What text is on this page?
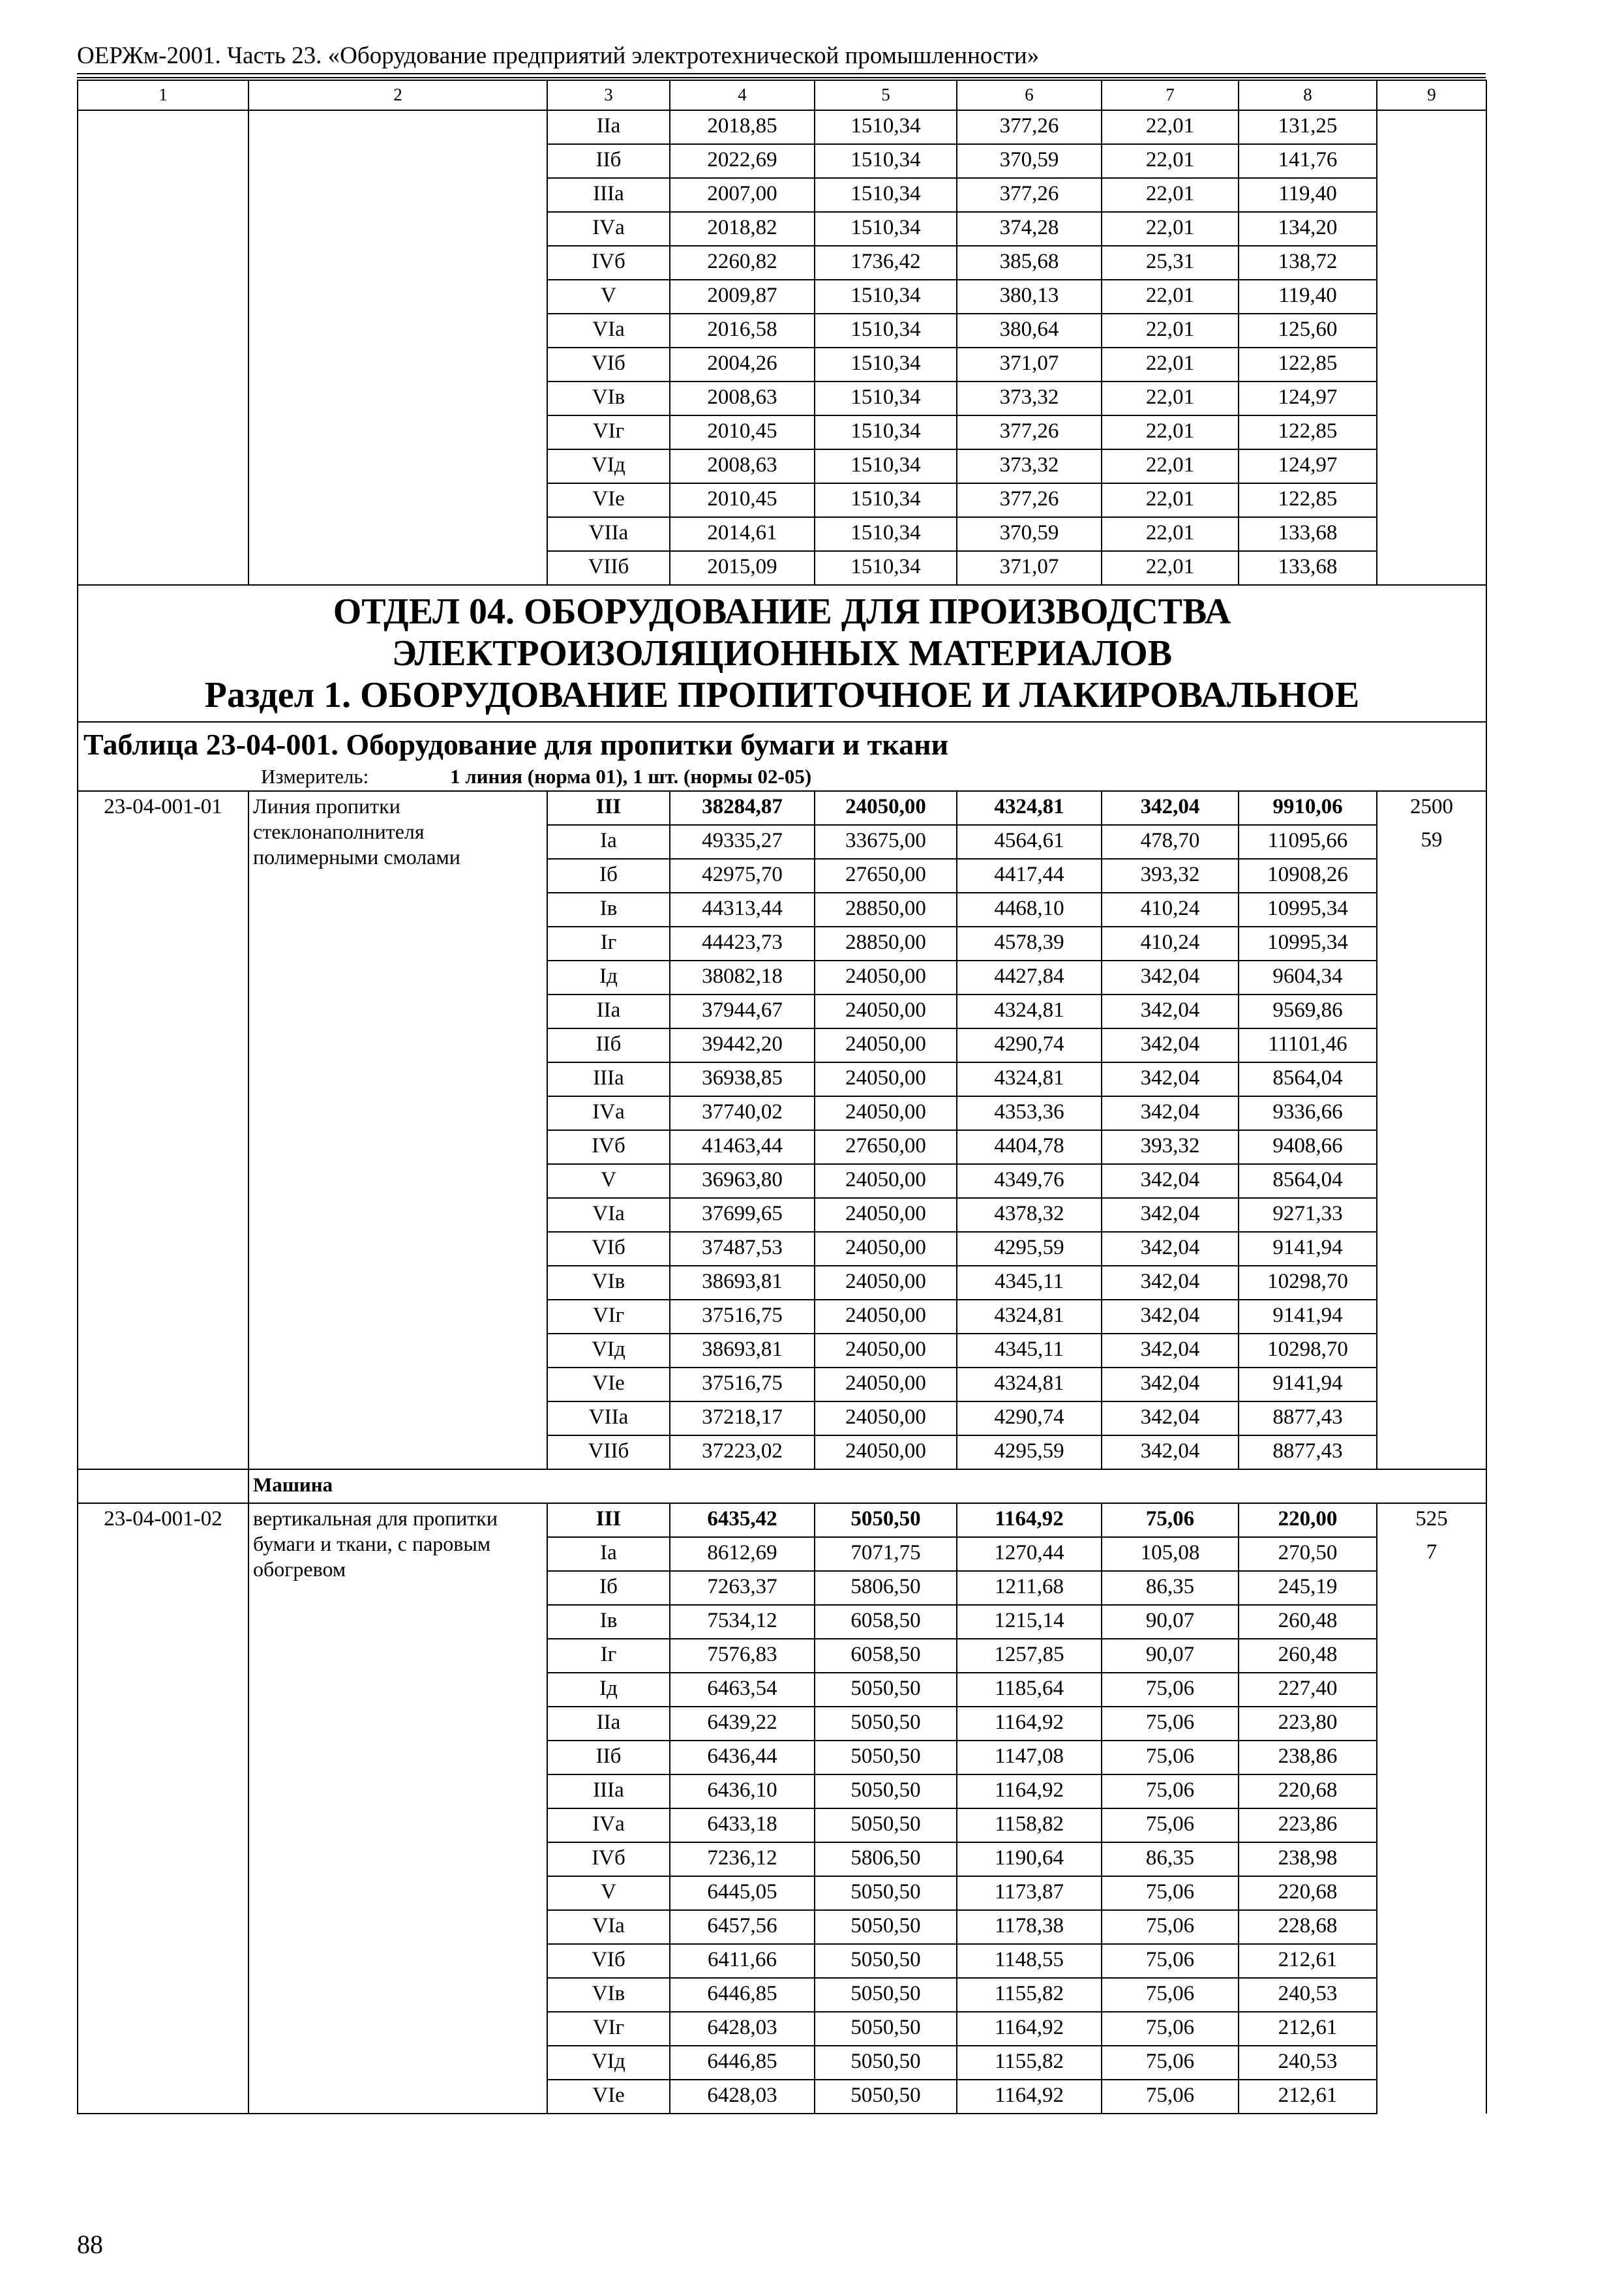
ОЕРЖм-2001. Часть 23. «Оборудование предприятий электротехнической промышленности»
1	2	3	4	5	6	7	8	9
		IIа	2018,85	1510,34	377,26	22,01	131,25	
		IIб	2022,69	1510,34	370,59	22,01	141,76	
		IIIа	2007,00	1510,34	377,26	22,01	119,40	
		IVа	2018,82	1510,34	374,28	22,01	134,20	
		IVб	2260,82	1736,42	385,68	25,31	138,72	
		V	2009,87	1510,34	380,13	22,01	119,40	
		VIа	2016,58	1510,34	380,64	22,01	125,60	
		VIб	2004,26	1510,34	371,07	22,01	122,85	
		VIв	2008,63	1510,34	373,32	22,01	124,97	
		VIг	2010,45	1510,34	377,26	22,01	122,85	
		VIд	2008,63	1510,34	373,32	22,01	124,97	
		VIе	2010,45	1510,34	377,26	22,01	122,85	
		VIIа	2014,61	1510,34	370,59	22,01	133,68	
		VIIб	2015,09	1510,34	371,07	22,01	133,68	

ОТДЕЛ 04. ОБОРУДОВАНИЕ ДЛЯ ПРОИЗВОДСТВА
ЭЛЕКТРОИЗОЛЯЦИОННЫХ МАТЕРИАЛОВ
Раздел 1. ОБОРУДОВАНИЕ ПРОПИТОЧНОЕ И ЛАКИРОВАЛЬНОЕ								

Таблица 23-04-001. Оборудование для пропитки бумаги и ткани								
Измеритель: 1 линия (норма 01), 1 шт. (нормы 02-05)								
23-04-001-01	Линия пропитки стеклонаполнителя полимерными смолами	III	38284,87	24050,00	4324,81	342,04	9910,06	2500
		Iа	49335,27	33675,00	4564,61	478,70	11095,66	59
		Iб	42975,70	27650,00	4417,44	393,32	10908,26	
		Iв	44313,44	28850,00	4468,10	410,24	10995,34	
		Iг	44423,73	28850,00	4578,39	410,24	10995,34	
		Iд	38082,18	24050,00	4427,84	342,04	9604,34	
		IIа	37944,67	24050,00	4324,81	342,04	9569,86	
		IIб	39442,20	24050,00	4290,74	342,04	11101,46	
		IIIа	36938,85	24050,00	4324,81	342,04	8564,04	
		IVа	37740,02	24050,00	4353,36	342,04	9336,66	
		IVб	41463,44	27650,00	4404,78	393,32	9408,66	
		V	36963,80	24050,00	4349,76	342,04	8564,04	
		VIа	37699,65	24050,00	4378,32	342,04	9271,33	
		VIб	37487,53	24050,00	4295,59	342,04	9141,94	
		VIв	38693,81	24050,00	4345,11	342,04	10298,70	
		VIг	37516,75	24050,00	4324,81	342,04	9141,94	
		VIд	38693,81	24050,00	4345,11	342,04	10298,70	
		VIе	37516,75	24050,00	4324,81	342,04	9141,94	
		VIIа	37218,17	24050,00	4290,74	342,04	8877,43	
		VIIб	37223,02	24050,00	4295,59	342,04	8877,43	
	Машина							
23-04-001-02	вертикальная для пропитки бумаги и ткани, с паровым обогревом	III	6435,42	5050,50	1164,92	75,06	220,00	525
		Iа	8612,69	7071,75	1270,44	105,08	270,50	7
		Iб	7263,37	5806,50	1211,68	86,35	245,19	
		Iв	7534,12	6058,50	1215,14	90,07	260,48	
		Iг	7576,83	6058,50	1257,85	90,07	260,48	
		Iд	6463,54	5050,50	1185,64	75,06	227,40	
		IIа	6439,22	5050,50	1164,92	75,06	223,80	
		IIб	6436,44	5050,50	1147,08	75,06	238,86	
		IIIа	6436,10	5050,50	1164,92	75,06	220,68	
		IVа	6433,18	5050,50	1158,82	75,06	223,86	
		IVб	7236,12	5806,50	1190,64	86,35	238,98	
		V	6445,05	5050,50	1173,87	75,06	220,68	
		VIа	6457,56	5050,50	1178,38	75,06	228,68	
		VIб	6411,66	5050,50	1148,55	75,06	212,61	
		VIв	6446,85	5050,50	1155,82	75,06	240,53	
		VIг	6428,03	5050,50	1164,92	75,06	212,61	
		VIд	6446,85	5050,50	1155,82	75,06	240,53	
		VIе	6428,03	5050,50	1164,92	75,06	212,61	
88
